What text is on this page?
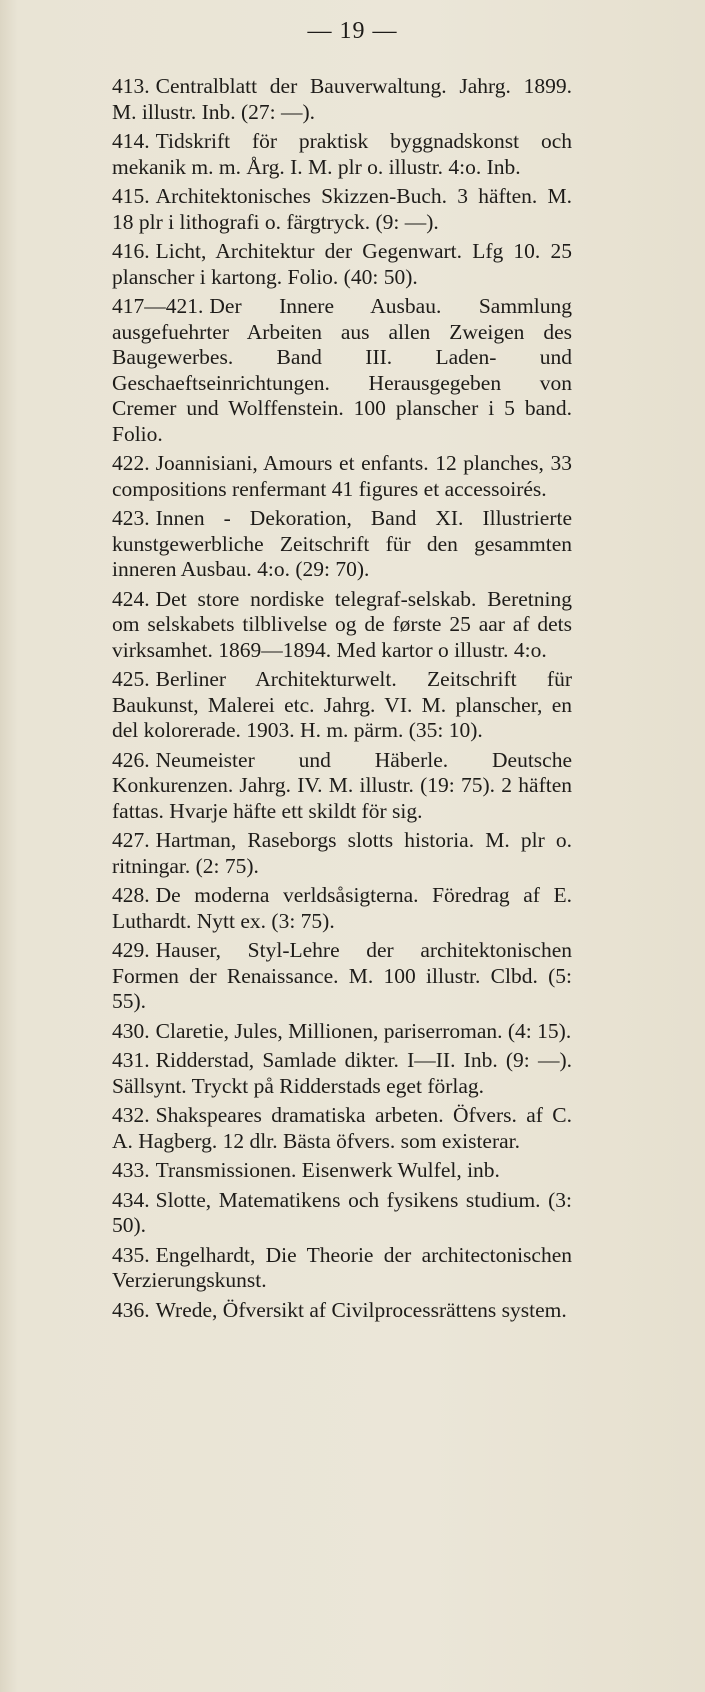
— 19 —
413. Centralblatt der Bauverwaltung. Jahrg. 1899. M. illustr. Inb. (27: —).
414. Tidskrift för praktisk byggnadskonst och mekanik m. m. Årg. I. M. plr o. illustr. 4:o. Inb.
415. Architektonisches Skizzen-Buch. 3 häften. M. 18 plr i lithografi o. färgtryck. (9: —).
416. Licht, Architektur der Gegenwart. Lfg 10. 25 planscher i kartong. Folio. (40: 50).
417—421. Der Innere Ausbau. Sammlung ausgefuehrter Arbeiten aus allen Zweigen des Baugewerbes. Band III. Laden- und Geschaeftseinrichtungen. Herausgegeben von Cremer und Wolffenstein. 100 planscher i 5 band. Folio.
422. Joannisiani, Amours et enfants. 12 planches, 33 compositions renfermant 41 figures et accessoirés.
423. Innen - Dekoration, Band XI. Illustrierte kunstgewerbliche Zeitschrift für den gesammten inneren Ausbau. 4:o. (29: 70).
424. Det store nordiske telegraf-selskab. Beretning om selskabets tilblivelse og de første 25 aar af dets virksamhet. 1869—1894. Med kartor o illustr. 4:o.
425. Berliner Architekturwelt. Zeitschrift für Baukunst, Malerei etc. Jahrg. VI. M. planscher, en del kolorerade. 1903. H. m. pärm. (35: 10).
426. Neumeister und Häberle. Deutsche Konkurenzen. Jahrg. IV. M. illustr. (19: 75). 2 häften fattas. Hvarje häfte ett skildt för sig.
427. Hartman, Raseborgs slotts historia. M. plr o. ritningar. (2: 75).
428. De moderna verldsåsigterna. Föredrag af E. Luthardt. Nytt ex. (3: 75).
429. Hauser, Styl-Lehre der architektonischen Formen der Renaissance. M. 100 illustr. Clbd. (5: 55).
430. Claretie, Jules, Millionen, pariserroman. (4: 15).
431. Ridderstad, Samlade dikter. I—II. Inb. (9: —). Sällsynt. Tryckt på Ridderstads eget förlag.
432. Shakspeares dramatiska arbeten. Öfvers. af C. A. Hagberg. 12 dlr. Bästa öfvers. som existerar.
433. Transmissionen. Eisenwerk Wulfel, inb.
434. Slotte, Matematikens och fysikens studium. (3: 50).
435. Engelhardt, Die Theorie der architectonischen Verzierungskunst.
436. Wrede, Öfversikt af Civilprocessrättens system.
